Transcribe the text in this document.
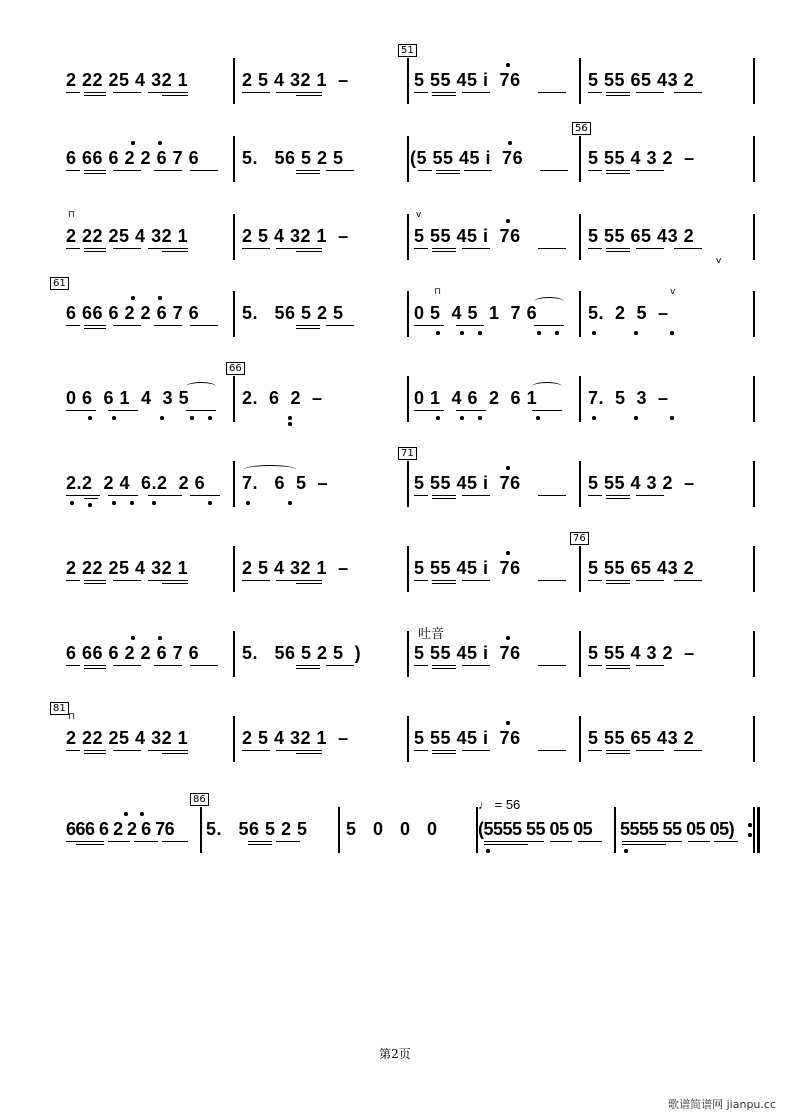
2 22 25 4 32 1	2 5 4 32 1  –
51
5 55 45 i  76	5 55 65 43 2
6 66 6 2 2 6 7 6 5.   56 5 2 5	(5 55 45 i  76
56
5 55 4 3 2  –
⊓
2 22 25 4 32 1	2 5 4 32 1  –
v
5 55 45 i  76	5 55 65 43 2
v
61
6 66 6 2 2 6 7 6 5.   56 5 2 5
⊓
0 5  4 5  1  7 6	5.  2  5  –
v
0 6  6 1  4  3 5
66
2.  6  2  –	0 1  4 6  2  6 1	7.  5  3  –
2.2  2 4  6.2  2 6 7.   6  5  –
71
5 55 45 i  76	5 55 4 3 2  –
2 22 25 4 32 1	2 5 4 32 1  –	5 55 45 i  76
76
5 55 65 43 2
6 66 6 2 2 6 7 6 5.   56 5 2 5  )
吐音
5 55 45 i  76	5 55 4 3 2  –
81
⊓
2 22 25 4 32 1	2 5 4 32 1  –	5 55 45 i  76	5 55 65 43 2
666 6 2 2 6 76
86
5.   56 5 2 5 5   0   0   0
♩ = 56
(5555 55 05 05 5555 55 05 05)
第2页
歌谱简谱网 jianpu.cc
